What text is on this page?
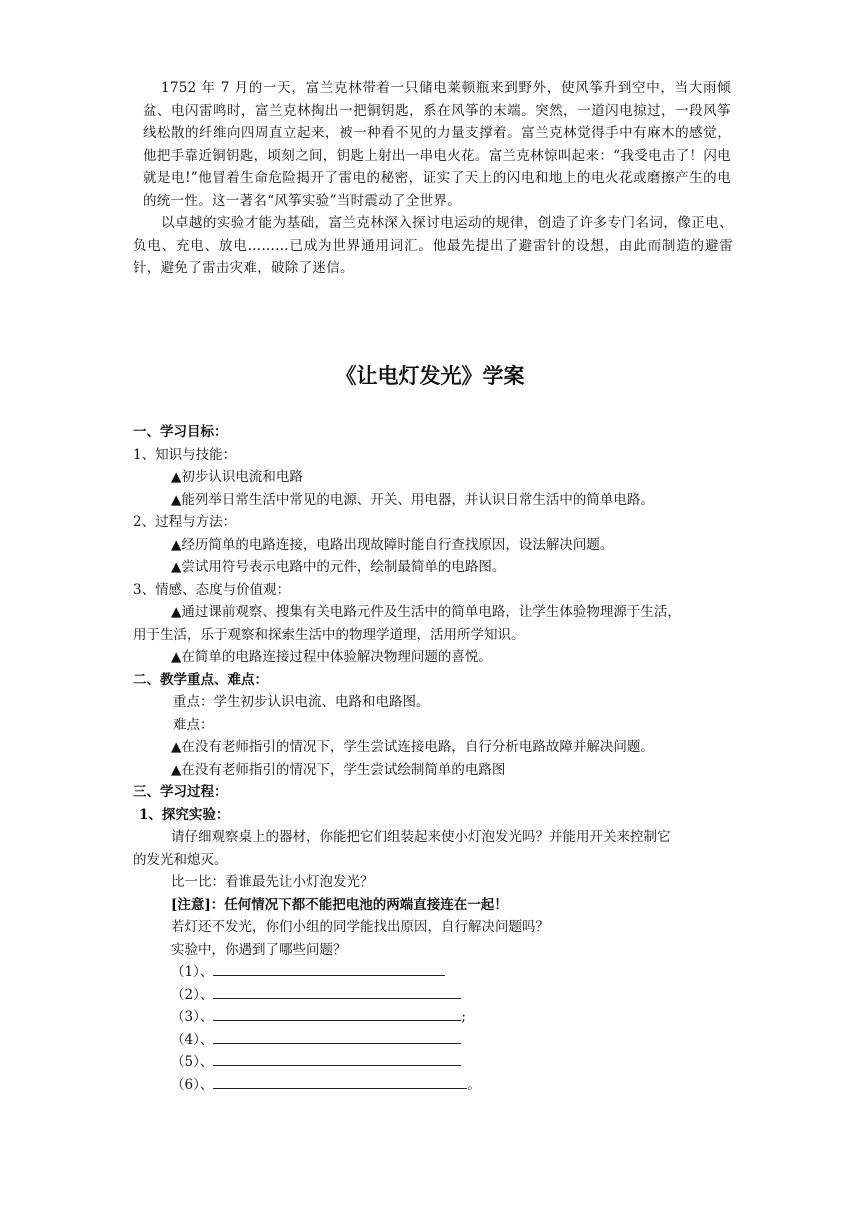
1752 年 7 月的一天，富兰克林带着一只储电莱顿瓶来到野外，使风筝升到空中，当大雨倾盆、电闪雷鸣时，富兰克林掏出一把铜钥匙，系在风筝的末端。突然，一道闪电掠过，一段风筝线松散的纤维向四周直立起来，被一种看不见的力量支撑着。富兰克林觉得手中有麻木的感觉，他把手靠近铜钥匙，顷刻之间，钥匙上射出一串电火花。富兰克林惊叫起来：“我受电击了！闪电就是电!”他冒着生命危险揭开了雷电的秘密，证实了天上的闪电和地上的电火花或磨擦产生的电的统一性。这一著名“风筝实验”当时震动了全世界。

以卓越的实验才能为基础，富兰克林深入探讨电运动的规律，创造了许多专门名词，像正电、负电、充电、放电………已成为世界通用词汇。他最先提出了避雷针的设想，由此而制造的避雷针，避免了雷击灾难，破除了迷信。

《让电灯发光》学案
一、学习目标：
1、知识与技能：
▲初步认识电流和电路
▲能列举日常生活中常见的电源、开关、用电器，并认识日常生活中的简单电路。
2、过程与方法：
▲经历简单的电路连接，电路出现故障时能自行查找原因，设法解决问题。
▲尝试用符号表示电路中的元件，绘制最简单的电路图。
3、情感、态度与价值观：
▲通过课前观察、搜集有关电路元件及生活中的简单电路，让学生体验物理源于生活，
用于生活，乐于观察和探索生活中的物理学道理，活用所学知识。
▲在简单的电路连接过程中体验解决物理问题的喜悦。
二、教学重点、难点：
重点：学生初步认识电流、电路和电路图。
难点：
▲在没有老师指引的情况下，学生尝试连接电路，自行分析电路故障并解决问题。
▲在没有老师指引的情况下，学生尝试绘制简单的电路图
三、学习过程：
1、探究实验：
请仔细观察桌上的器材，你能把它们组装起来使小灯泡发光吗？并能用开关来控制它
的发光和熄灭。
比一比：看谁最先让小灯泡发光？
[注意]：任何情况下都不能把电池的两端直接连在一起！
若灯还不发光，你们小组的同学能找出原因，自行解决问题吗？
实验中，你遇到了哪些问题？
（1）、
（2）、
（3）、	;
（4）、
（5）、
（6）、	。
